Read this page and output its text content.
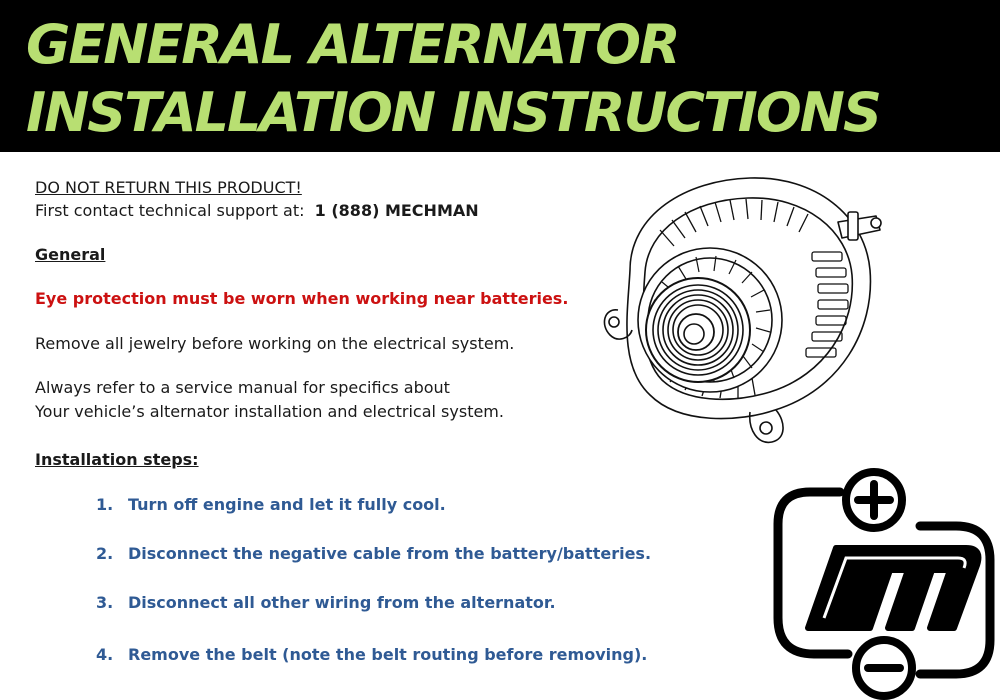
GENERAL ALTERNATOR
INSTALLATION INSTRUCTIONS
DO NOT RETURN THIS PRODUCT!
First contact technical support at: 1 (888) MECHMAN
General
Eye protection must be worn when working near batteries.
Remove all jewelry before working on the electrical system.
Always refer to a service manual for specifics about
Your vehicle’s alternator installation and electrical system.
Installation steps:
1. Turn off engine and let it fully cool.
2. Disconnect the negative cable from the battery/batteries.
3. Disconnect all other wiring from the alternator.
4. Remove the belt (note the belt routing before removing).
